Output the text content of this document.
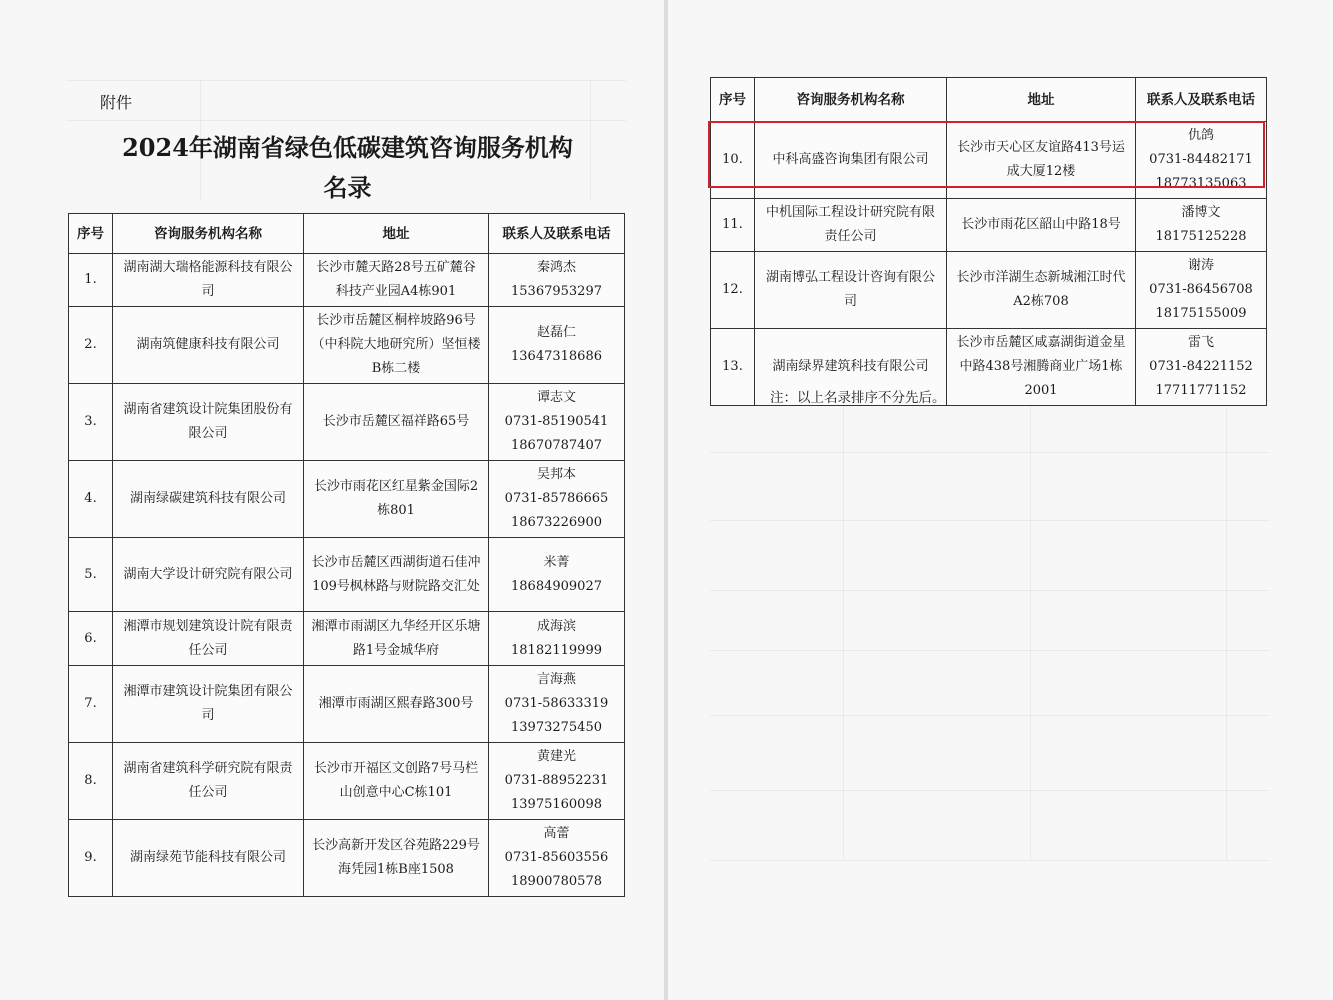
附件
2024年湖南省绿色低碳建筑咨询服务机构
名录
序号	咨询服务机构名称	地址	联系人及联系电话
1.	湖南湖大瑞格能源科技有限公司	长沙市麓天路28号五矿麓谷科技产业园A4栋901	秦鸿杰
15367953297

2.	湖南筑健康科技有限公司	长沙市岳麓区桐梓坡路96号（中科院大地研究所）坚恒楼B栋二楼	赵磊仁
13647318686

3.	湖南省建筑设计院集团股份有限公司	长沙市岳麓区福祥路65号	谭志文
0731-85190541
18670787407

4.	湖南绿碳建筑科技有限公司	长沙市雨花区红星紫金国际2栋801	吴邦本
0731-85786665
18673226900

5.	湖南大学设计研究院有限公司	长沙市岳麓区西湖街道石佳冲109号枫林路与财院路交汇处	米菁
18684909027

6.	湘潭市规划建筑设计院有限责任公司	湘潭市雨湖区九华经开区乐塘路1号金城华府	成海滨
18182119999

7.	湘潭市建筑设计院集团有限公司	湘潭市雨湖区熙春路300号	言海燕
0731-58633319
13973275450

8.	湖南省建筑科学研究院有限责任公司	长沙市开福区文创路7号马栏山创意中心C栋101	黄建光
0731-88952231
13975160098

9.	湖南绿苑节能科技有限公司	长沙高新开发区谷苑路229号海凭园1栋B座1508	高蕾
0731-85603556
18900780578
序号	咨询服务机构名称	地址	联系人及联系电话
10.	中科高盛咨询集团有限公司	长沙市天心区友谊路413号运成大厦12楼	仇鸽
0731-84482171
18773135063

11.	中机国际工程设计研究院有限责任公司	长沙市雨花区韶山中路18号	潘博文
18175125228

12.	湖南博弘工程设计咨询有限公司	长沙市洋湖生态新城湘江时代A2栋708	谢涛
0731-86456708
18175155009

13.	湖南绿界建筑科技有限公司	长沙市岳麓区咸嘉湖街道金星中路438号湘腾商业广场1栋2001	雷飞
0731-84221152
17711771152
注：以上名录排序不分先后。
